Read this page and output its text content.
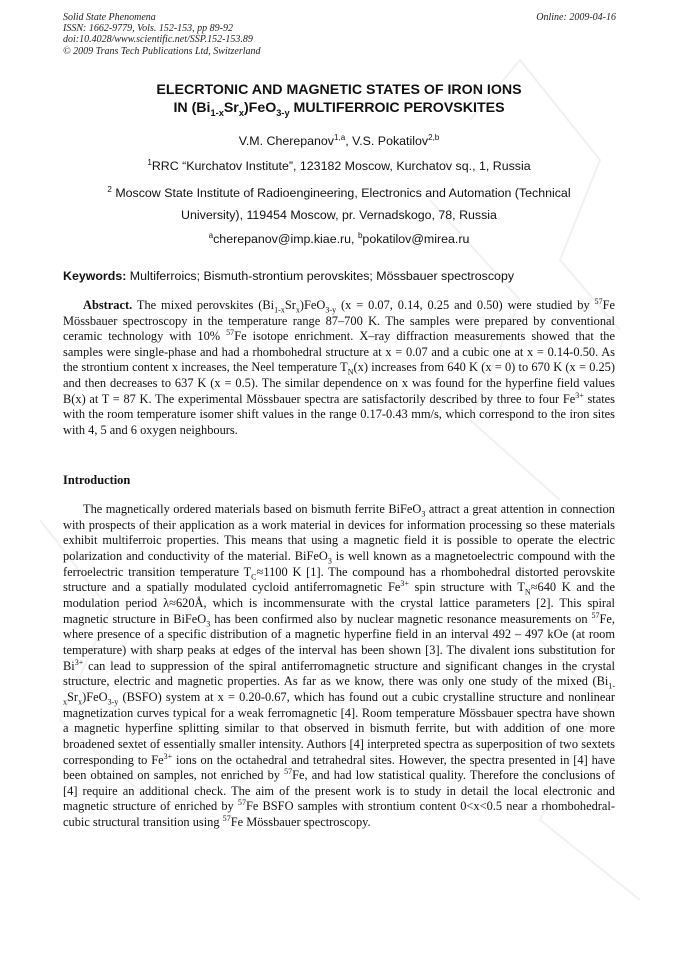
Solid State Phenomena
ISSN: 1662-9779, Vols. 152-153, pp 89-92
doi:10.4028/www.scientific.net/SSP.152-153.89
© 2009 Trans Tech Publications Ltd, Switzerland
Online: 2009-04-16
ELECRTONIC AND MAGNETIC STATES OF IRON IONS
IN $(Bi_{1-x}Sr_x)FeO_{3-y}$ MULTIFERROIC PEROVSKITES
V.M. Cherepanov$^{1,a}$, V.S. Pokatilov$^{2,b}$
$^1$RRC “Kurchatov Institute”, 123182 Moscow, Kurchatov sq., 1, Russia
$^2$ Moscow State Institute of Radioengineering, Electronics and Automation (Technical
University), 119454 Moscow, pr. Vernadskogo, 78, Russia
$^a$cherepanov@imp.kiae.ru, $^b$pokatilov@mirea.ru
Keywords: Multiferroics; Bismuth-strontium perovskites; Mössbauer spectroscopy
Abstract. The mixed perovskites $(Bi_{1-x}Sr_x)FeO_{3-y}$ (x = 0.07, 0.14, 0.25 and 0.50) were studied by $^{57}$Fe Mössbauer spectroscopy in the temperature range 87–700 K. The samples were prepared by conventional ceramic technology with 10% $^{57}$Fe isotope enrichment. X–ray diffraction measurements showed that the samples were single-phase and had a rhombohedral structure at x = 0.07 and a cubic one at x = 0.14-0.50. As the strontium content x increases, the Neel temperature $T_N(x)$ increases from 640 K (x = 0) to 670 K (x = 0.25) and then decreases to 637 K (x = 0.5). The similar dependence on x was found for the hyperfine field values B(x) at T = 87 K. The experimental Mössbauer spectra are satisfactorily described by three to four $Fe^{3+}$ states with the room temperature isomer shift values in the range 0.17-0.43 mm/s, which correspond to the iron sites with 4, 5 and 6 oxygen neighbours.
Introduction
The magnetically ordered materials based on bismuth ferrite BiFeO$_3$ attract a great attention in connection with prospects of their application as a work material in devices for information processing so these materials exhibit multiferroic properties. This means that using a magnetic field it is possible to operate the electric polarization and conductivity of the material. BiFeO$_3$ is well known as a magnetoelectric compound with the ferroelectric transition temperature $T_C\approx 1100$ K [1]. The compound has a rhombohedral distorted perovskite structure and a spatially modulated cycloid antiferromagnetic $Fe^{3+}$ spin structure with $T_N\approx 640$ K and the modulation period λ≈620Å, which is incommensurate with the crystal lattice parameters [2]. This spiral magnetic structure in BiFeO$_3$ has been confirmed also by nuclear magnetic resonance measurements on $^{57}$Fe, where presence of a specific distribution of a magnetic hyperfine field in an interval 492 – 497 kOe (at room temperature) with sharp peaks at edges of the interval has been shown [3]. The divalent ions substitution for $Bi^{3+}$ can lead to suppression of the spiral antiferromagnetic structure and significant changes in the crystal structure, electric and magnetic properties. As far as we know, there was only one study of the mixed $(Bi_{1-x}Sr_x)FeO_{3-y}$ (BSFO) system at x = 0.20-0.67, which has found out a cubic crystalline structure and nonlinear magnetization curves typical for a weak ferromagnetic [4]. Room temperature Mössbauer spectra have shown a magnetic hyperfine splitting similar to that observed in bismuth ferrite, but with addition of one more broadened sextet of essentially smaller intensity. Authors [4] interpreted spectra as superposition of two sextets corresponding to $Fe^{3+}$ ions on the octahedral and tetrahedral sites. However, the spectra presented in [4] have been obtained on samples, not enriched by $^{57}$Fe, and had low statistical quality. Therefore the conclusions of [4] require an additional check. The aim of the present work is to study in detail the local electronic and magnetic structure of enriched by $^{57}$Fe BSFO samples with strontium content 0<x<0.5 near a rhombohedral-cubic structural transition using $^{57}$Fe Mössbauer spectroscopy.
